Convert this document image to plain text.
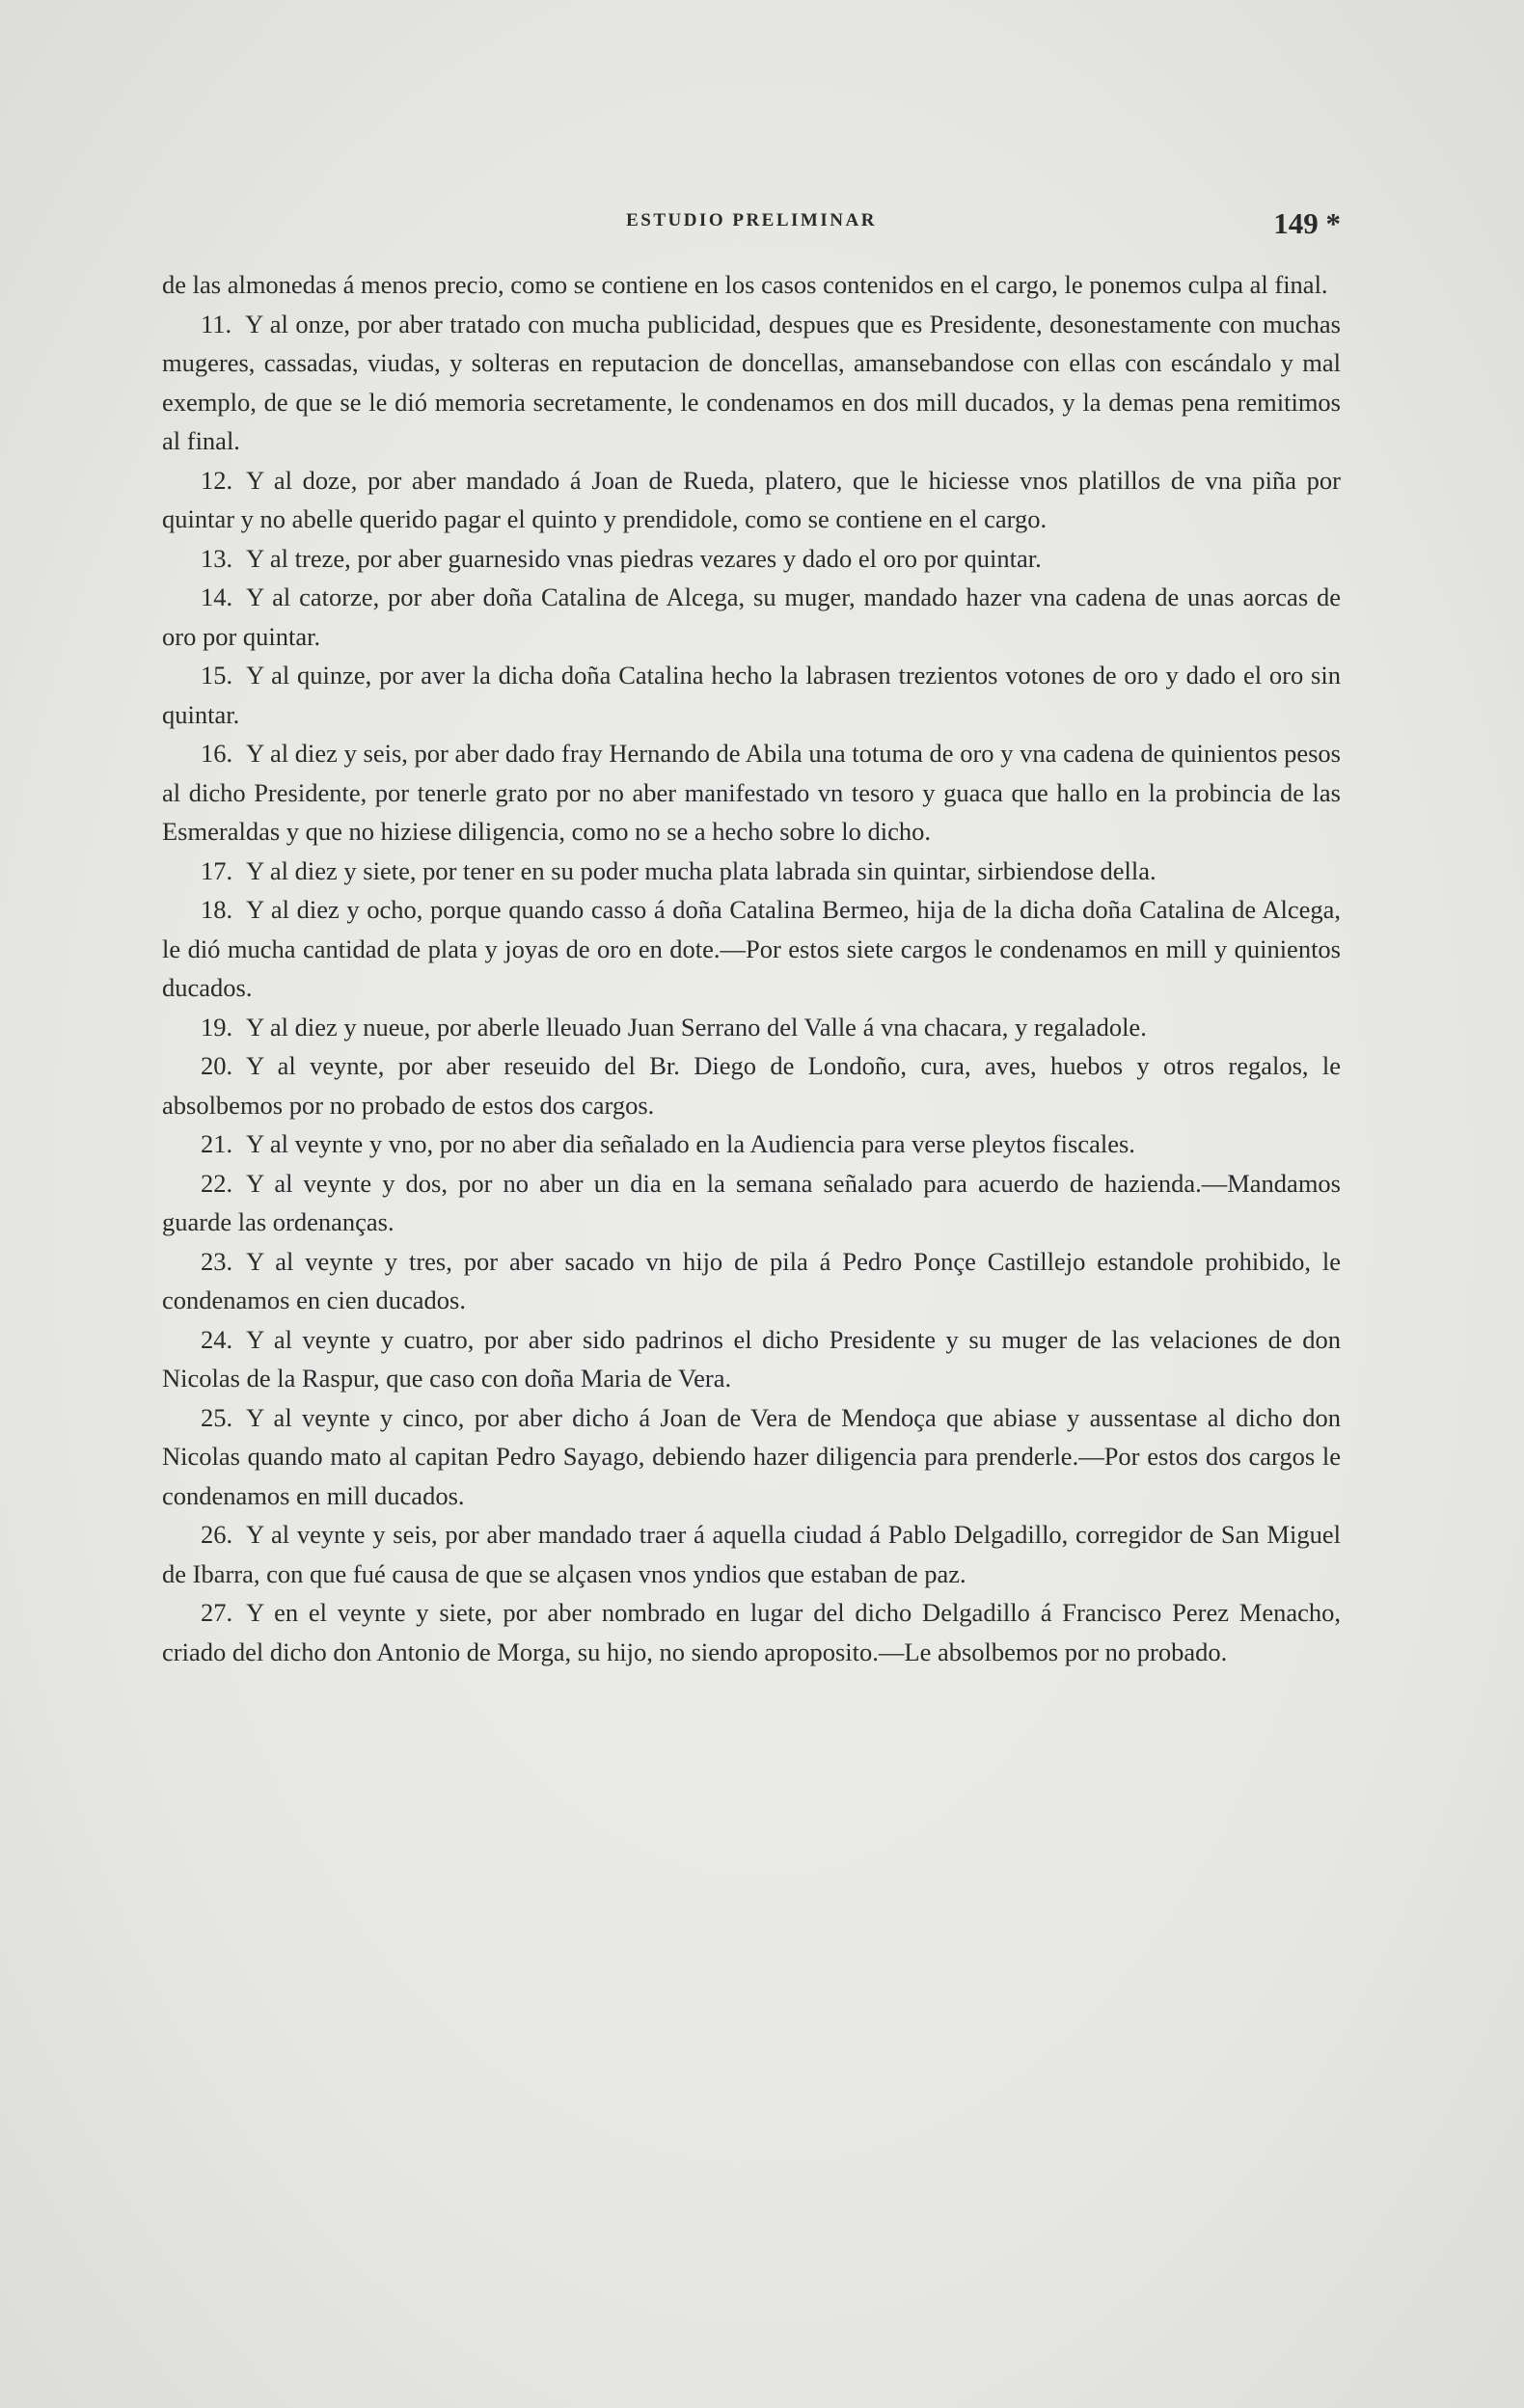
ESTUDIO PRELIMINAR	149 *

de las almonedas á menos precio, como se contiene en los casos contenidos en el cargo, le ponemos culpa al final.

11. Y al onze, por aber tratado con mucha publicidad, despues que es Presidente, desonestamente con muchas mugeres, cassadas, viudas, y solteras en reputacion de doncellas, amansebandose con ellas con escándalo y mal exemplo, de que se le dió memoria secretamente, le condenamos en dos mill ducados, y la demas pena remitimos al final.

12. Y al doze, por aber mandado á Joan de Rueda, platero, que le hiciesse vnos platillos de vna piña por quintar y no abelle querido pagar el quinto y prendidole, como se contiene en el cargo.

13. Y al treze, por aber guarnesido vnas piedras vezares y dado el oro por quintar.

14. Y al catorze, por aber doña Catalina de Alcega, su muger, mandado hazer vna cadena de unas aorcas de oro por quintar.

15. Y al quinze, por aver la dicha doña Catalina hecho la labrasen trezientos votones de oro y dado el oro sin quintar.

16. Y al diez y seis, por aber dado fray Hernando de Abila una totuma de oro y vna cadena de quinientos pesos al dicho Presidente, por tenerle grato por no aber manifestado vn tesoro y guaca que hallo en la probincia de las Esmeraldas y que no hiziese diligencia, como no se a hecho sobre lo dicho.

17. Y al diez y siete, por tener en su poder mucha plata labrada sin quintar, sirbiendose della.

18. Y al diez y ocho, porque quando casso á doña Catalina Bermeo, hija de la dicha doña Catalina de Alcega, le dió mucha cantidad de plata y joyas de oro en dote.—Por estos siete cargos le condenamos en mill y quinientos ducados.

19. Y al diez y nueue, por aberle lleuado Juan Serrano del Valle á vna chacara, y regaladole.

20. Y al veynte, por aber reseuido del Br. Diego de Londoño, cura, aves, huebos y otros regalos, le absolbemos por no probado de estos dos cargos.

21. Y al veynte y vno, por no aber dia señalado en la Audiencia para verse pleytos fiscales.

22. Y al veynte y dos, por no aber un dia en la semana señalado para acuerdo de hazienda.—Mandamos guarde las ordenanças.

23. Y al veynte y tres, por aber sacado vn hijo de pila á Pedro Ponçe Castillejo estandole prohibido, le condenamos en cien ducados.

24. Y al veynte y cuatro, por aber sido padrinos el dicho Presidente y su muger de las velaciones de don Nicolas de la Raspur, que caso con doña Maria de Vera.

25. Y al veynte y cinco, por aber dicho á Joan de Vera de Mendoça que abiase y aussentase al dicho don Nicolas quando mato al capitan Pedro Sayago, debiendo hazer diligencia para prenderle.—Por estos dos cargos le condenamos en mill ducados.

26. Y al veynte y seis, por aber mandado traer á aquella ciudad á Pablo Delgadillo, corregidor de San Miguel de Ibarra, con que fué causa de que se alçasen vnos yndios que estaban de paz.

27. Y en el veynte y siete, por aber nombrado en lugar del dicho Delgadillo á Francisco Perez Menacho, criado del dicho don Antonio de Morga, su hijo, no siendo aproposito.—Le absolbemos por no probado.
